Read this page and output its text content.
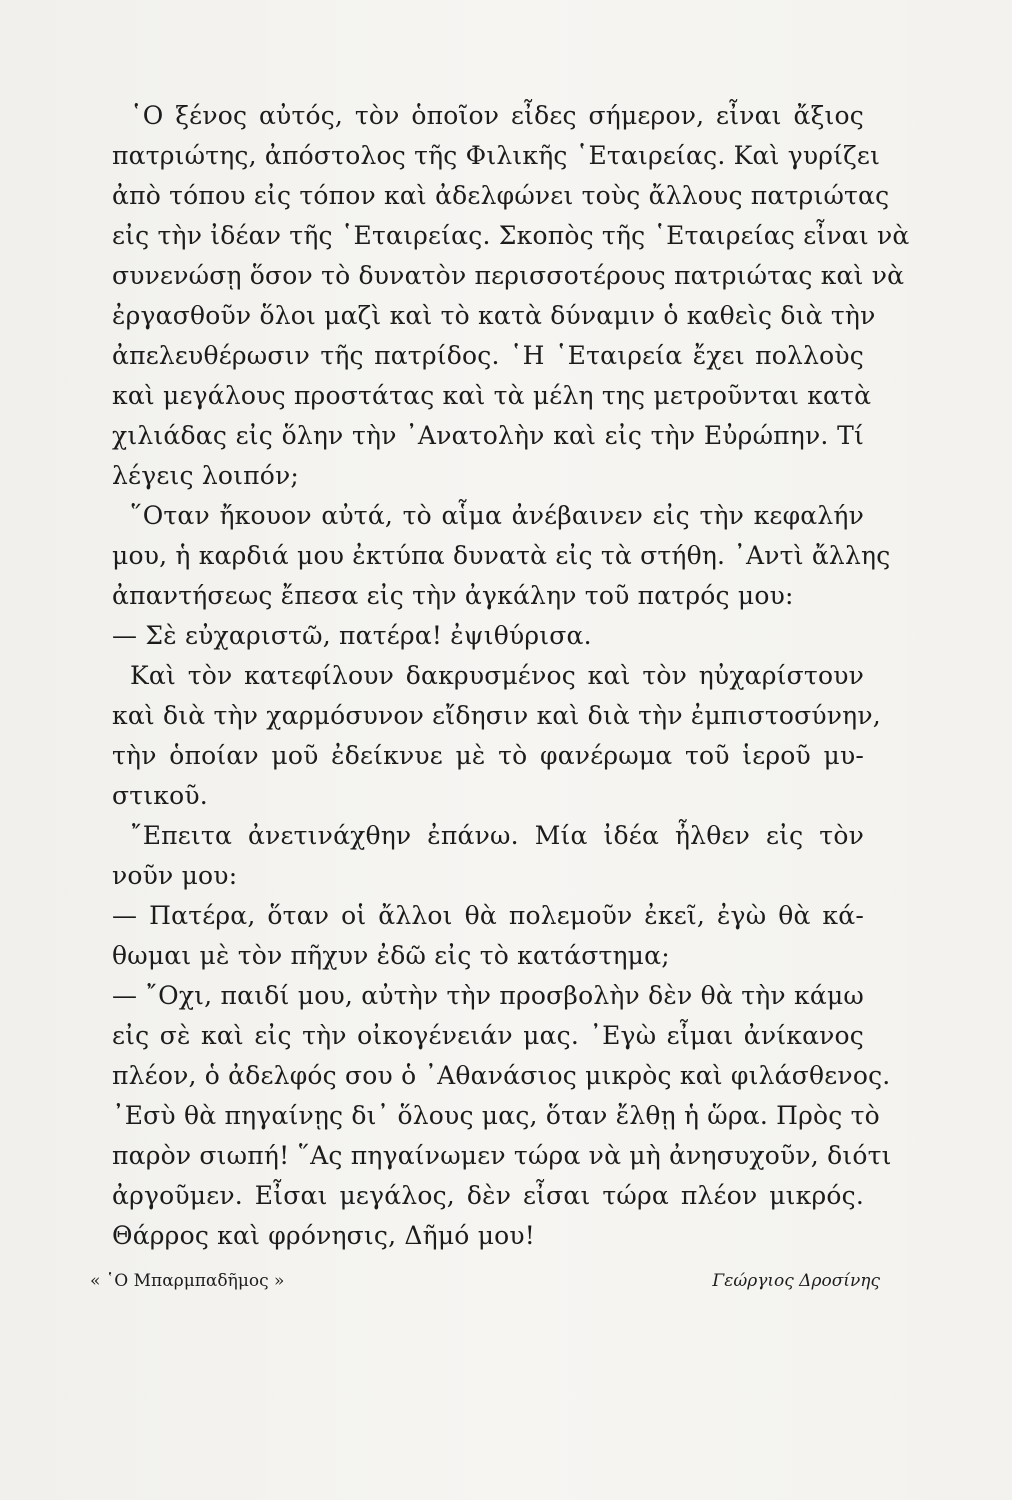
῾Ο ξένος αὐτός, τὸν ὁποῖον εἶδες σήμερον, εἶναι ἄξιος
πατριώτης, ἀπόστολος τῆς Φιλικῆς ῾Εταιρείας. Καὶ γυρίζει
ἀπὸ τόπου εἰς τόπον καὶ ἀδελφώνει τοὺς ἄλλους πατριώτας
εἰς τὴν ἰδέαν τῆς ῾Εταιρείας. Σκοπὸς τῆς ῾Εταιρείας εἶναι νὰ
συνενώσῃ ὅσον τὸ δυνατὸν περισσοτέρους πατριώτας καὶ νὰ
ἐργασθοῦν ὅλοι μαζὶ καὶ τὸ κατὰ δύναμιν ὁ καθεὶς διὰ τὴν
ἀπελευθέρωσιν τῆς πατρίδος. ῾Η ῾Εταιρεία ἔχει πολλοὺς
καὶ μεγάλους προστάτας καὶ τὰ μέλη της μετροῦνται κατὰ
χιλιάδας εἰς ὅλην τὴν ᾿Ανατολὴν καὶ εἰς τὴν Εὐρώπην. Τί
λέγεις λοιπόν;
῞Οταν ἤκουον αὐτά, τὸ αἷμα ἀνέβαινεν εἰς τὴν κεφαλήν
μου, ἡ καρδιά μου ἐκτύπα δυνατὰ εἰς τὰ στήθη. ᾿Αντὶ ἄλλης
ἀπαντήσεως ἔπεσα εἰς τὴν ἀγκάλην τοῦ πατρός μου:
— Σὲ εὐχαριστῶ, πατέρα! ἐψιθύρισα.
Καὶ τὸν κατεφίλουν δακρυσμένος καὶ τὸν ηὐχαρίστουν
καὶ διὰ τὴν χαρμόσυνον εἴδησιν καὶ διὰ τὴν ἐμπιστοσύνην,
τὴν ὁποίαν μοῦ ἐδείκνυε μὲ τὸ φανέρωμα τοῦ ἱεροῦ μυ-
στικοῦ.
῎Επειτα ἀνετινάχθην ἐπάνω. Μία ἰδέα ἦλθεν εἰς τὸν
νοῦν μου:
— Πατέρα, ὅταν οἱ ἄλλοι θὰ πολεμοῦν ἐκεῖ, ἐγὼ θὰ κά-
θωμαι μὲ τὸν πῆχυν ἐδῶ εἰς τὸ κατάστημα;
— ῎Οχι, παιδί μου, αὐτὴν τὴν προσβολὴν δὲν θὰ τὴν κάμω
εἰς σὲ καὶ εἰς τὴν οἰκογένειάν μας. ᾿Εγὼ εἶμαι ἀνίκανος
πλέον, ὁ ἀδελφός σου ὁ ᾿Αθανάσιος μικρὸς καὶ φιλάσθενος.
᾿Εσὺ θὰ πηγαίνῃς δι᾿ ὅλους μας, ὅταν ἔλθῃ ἡ ὥρα. Πρὸς τὸ
παρὸν σιωπή! ῞Ας πηγαίνωμεν τώρα νὰ μὴ ἀνησυχοῦν, διότι
ἀργοῦμεν. Εἶσαι μεγάλος, δὲν εἶσαι τώρα πλέον μικρός.
Θάρρος καὶ φρόνησις, Δῆμό μου!
« ῾Ο Μπαρμπαδῆμος »	Γεώργιος Δροσίνης
